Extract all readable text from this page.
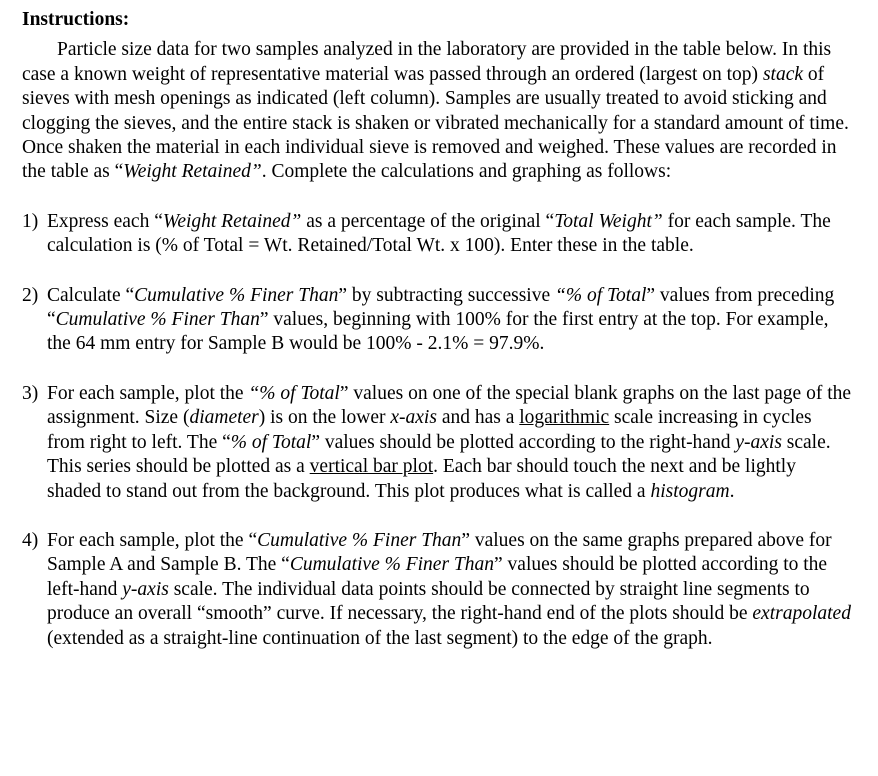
Instructions:

Particle size data for two samples analyzed in the laboratory are provided in the table below. In this case a known weight of representative material was passed through an ordered (largest on top) stack of sieves with mesh openings as indicated (left column). Samples are usually treated to avoid sticking and clogging the sieves, and the entire stack is shaken or vibrated mechanically for a standard amount of time. Once shaken the material in each individual sieve is removed and weighed. These values are recorded in the table as “Weight Retained”. Complete the calculations and graphing as follows:

1) Express each “Weight Retained” as a percentage of the original “Total Weight” for each sample. The calculation is (% of Total = Wt. Retained/Total Wt. x 100). Enter these in the table.
2) Calculate “Cumulative % Finer Than” by subtracting successive “% of Total” values from preceding “Cumulative % Finer Than” values, beginning with 100% for the first entry at the top. For example, the 64 mm entry for Sample B would be 100% - 2.1% = 97.9%.
3) For each sample, plot the “% of Total” values on one of the special blank graphs on the last page of the assignment. Size (diameter) is on the lower x-axis and has a logarithmic scale increasing in cycles from right to left. The “% of Total” values should be plotted according to the right-hand y-axis scale. This series should be plotted as a vertical bar plot. Each bar should touch the next and be lightly shaded to stand out from the background. This plot produces what is called a histogram.
4) For each sample, plot the “Cumulative % Finer Than” values on the same graphs prepared above for Sample A and Sample B. The “Cumulative % Finer Than” values should be plotted according to the left-hand y-axis scale. The individual data points should be connected by straight line segments to produce an overall “smooth” curve. If necessary, the right-hand end of the plots should be extrapolated (extended as a straight-line continuation of the last segment) to the edge of the graph.
